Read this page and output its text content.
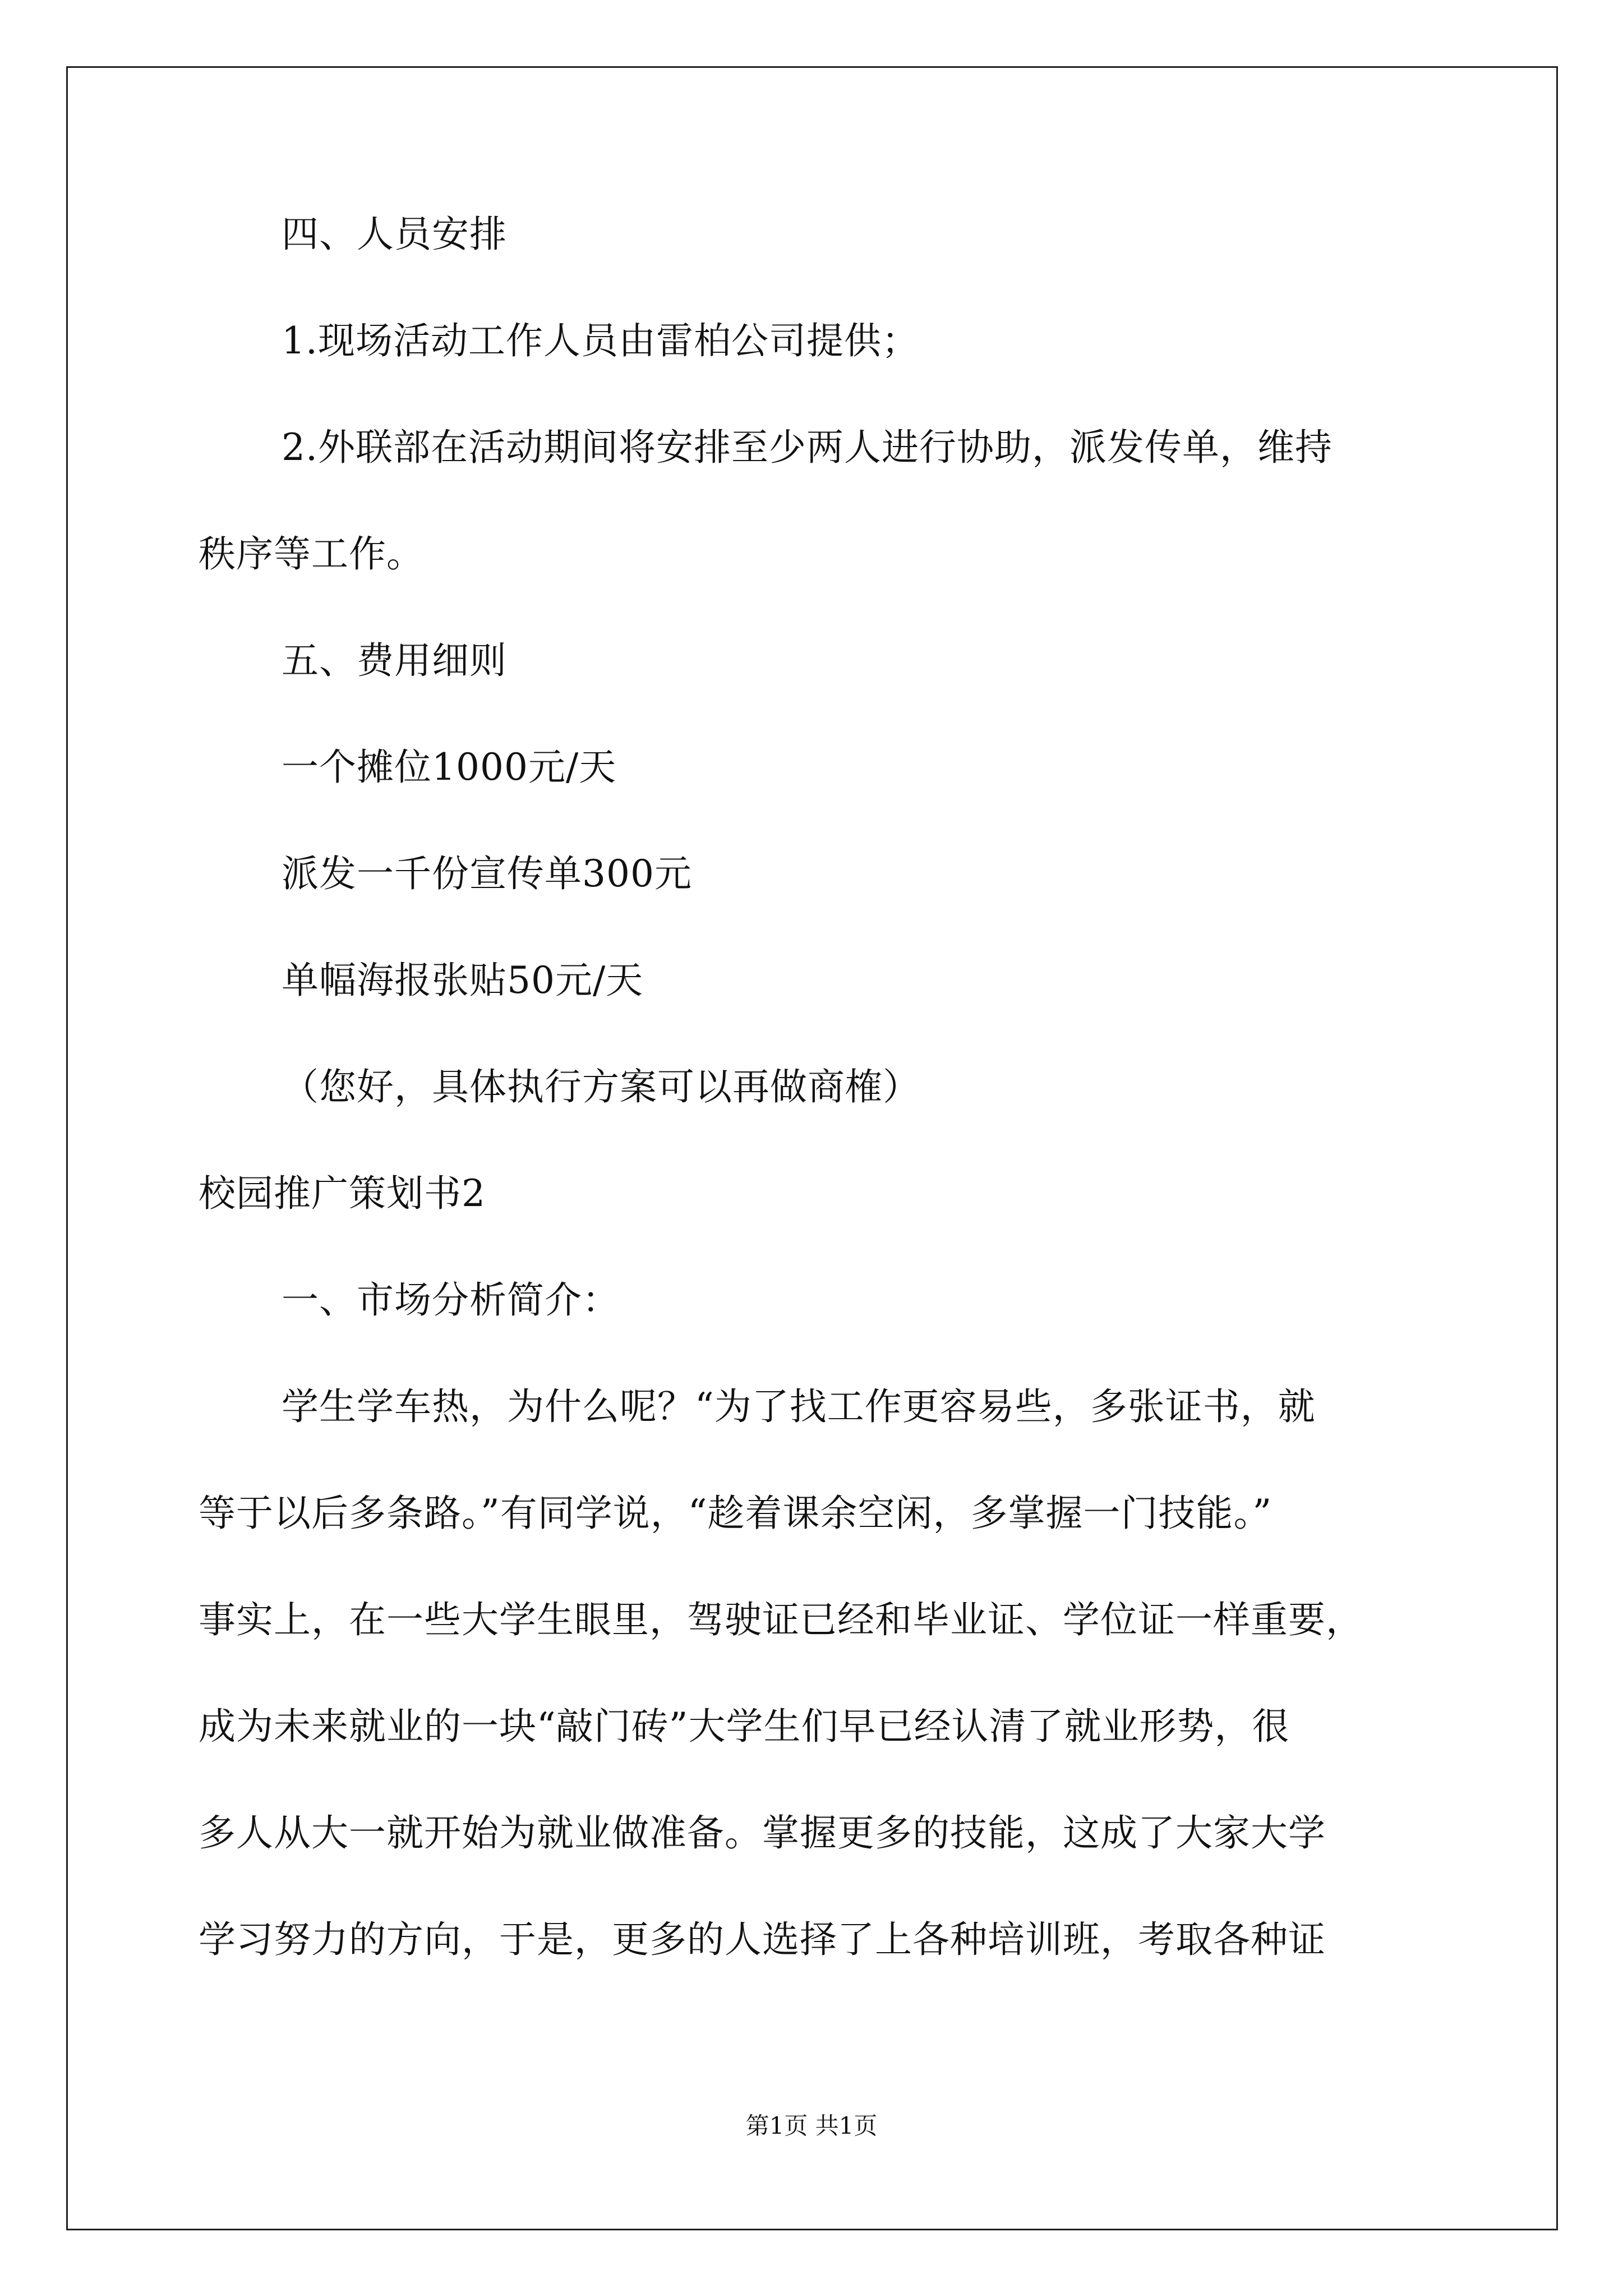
四、人员安排
1.现场活动工作人员由雷柏公司提供；
2.外联部在活动期间将安排至少两人进行协助，派发传单，维持
秩序等工作。
五、费用细则
一个摊位1000元/天
派发一千份宣传单300元
单幅海报张贴50元/天
（您好，具体执行方案可以再做商榷）
校园推广策划书2
一、市场分析简介：
学生学车热，为什么呢？“为了找工作更容易些，多张证书，就
等于以后多条路。”有同学说，“趁着课余空闲，多掌握一门技能。”
事实上，在一些大学生眼里，驾驶证已经和毕业证、学位证一样重要，
成为未来就业的一块“敲门砖”大学生们早已经认清了就业形势，很
多人从大一就开始为就业做准备。掌握更多的技能，这成了大家大学
学习努力的方向，于是，更多的人选择了上各种培训班，考取各种证
第1页 共1页
